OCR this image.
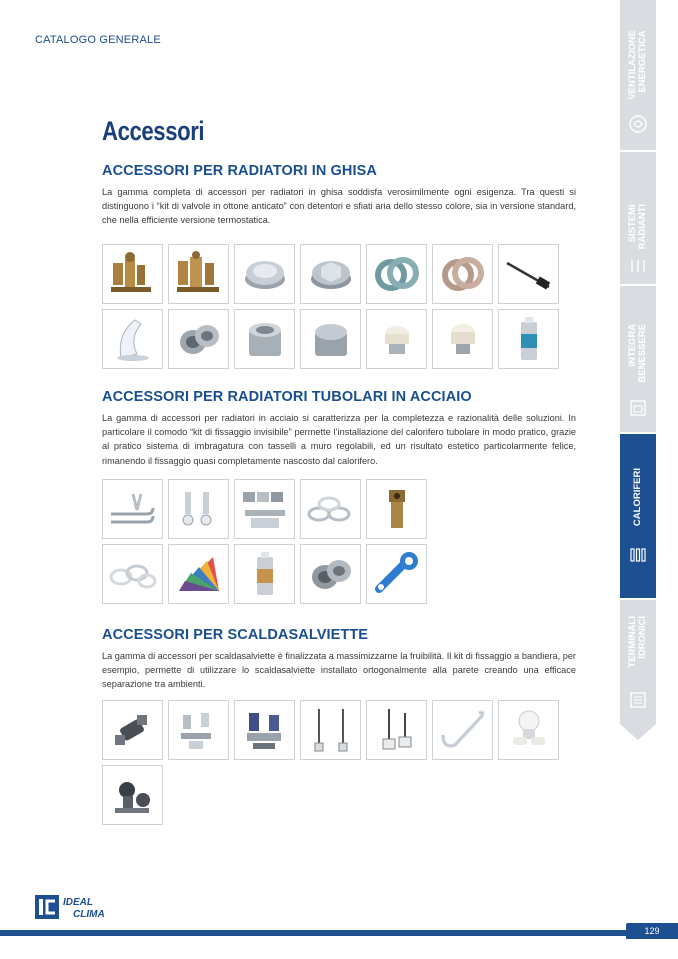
CATALOGO GENERALE
Accessori
ACCESSORI PER RADIATORI IN GHISA

La gamma completa di accessori per radiatori in ghisa soddisfa verosimilmente ogni esigenza. Tra questi si distinguono i “kit di valvole in ottone anticato” con detentori e sfiati aria dello stesso colore, sia in versione standard, che nella efficiente versione termostatica.

ACCESSORI PER RADIATORI TUBOLARI IN ACCIAIO

La gamma di accessori per radiatori in acciaio si caratterizza per la completezza e razionalità delle soluzioni. In particolare il comodo “kit di fissaggio invisibile” permette l’installazione del calorifero tubolare in modo pratico, grazie al pratico sistema di imbragatura con tasselli a muro regolabili, ed un risultato estetico particolarmente felice, rimanendo il fissaggio quasi completamente nascosto dal calorifero.

ACCESSORI PER SCALDASALVIETTE

La gamma di accessori per scaldasalviette è finalizzata a massimizzarne la fruibilità. Il kit di fissaggio a bandiera, per esempio, permette di utilizzare lo scaldasalviette installato ortogonalmente alla parete creando una efficace separazione tra ambienti.

VENTILAZIONE
ENERGETICA
SISTEMI
RADIANTI
INTEGRA
BENESSERE
CALORIFERI
TERMINALI
IDRONICI
IDEAL
CLIMA
129
